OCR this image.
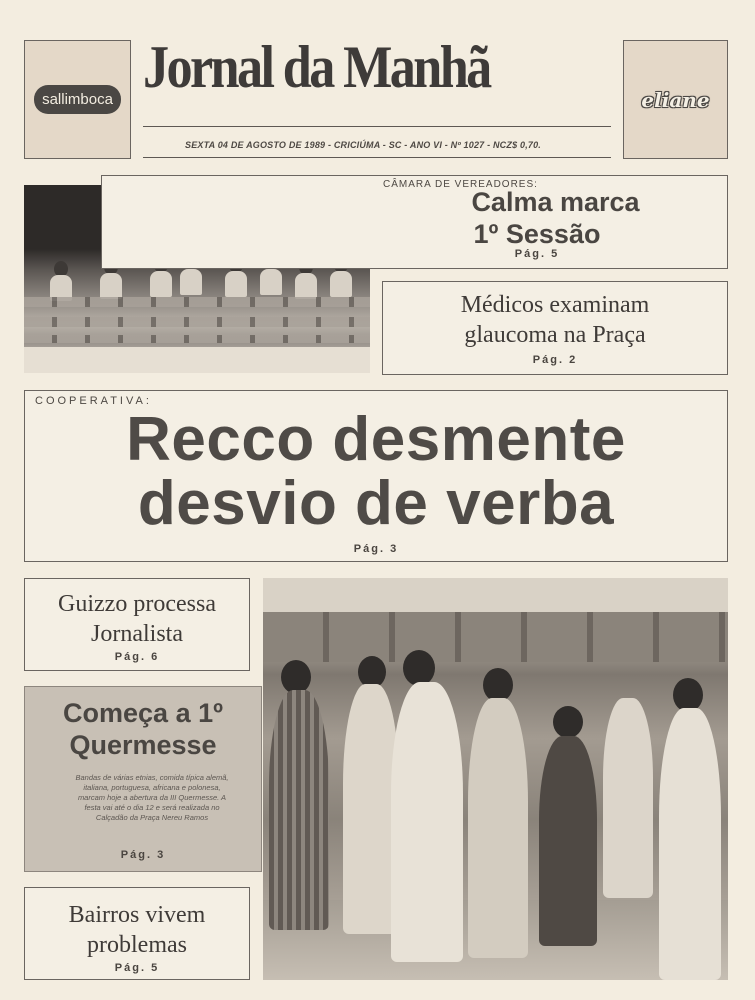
sallimboca Jornal da Manhã
SEXTA 04 DE AGOSTO DE 1989 - CRICIÚMA - SC - ANO VI - Nº 1027 - NCZ$ 0,70.
eliane
CÂMARA DE VEREADORES:
Calma marca
1º Sessão
Pág. 5
Médicos examinam
glaucoma na Praça
Pág. 2
COOPERATIVA:
Recco desmente
desvio de verba
Pág. 3
Guizzo processa
Jornalista
Pág. 6
Começa a 1º
Quermesse
Bandas de várias etnias, comida típica alemã, italiana, portuguesa, africana e polonesa, marcam hoje a abertura da III Quermesse. A festa vai até o dia 12 e será realizada no Calçadão da Praça Nereu Ramos
Pág. 3
Bairros vivem
problemas
Pág. 5
